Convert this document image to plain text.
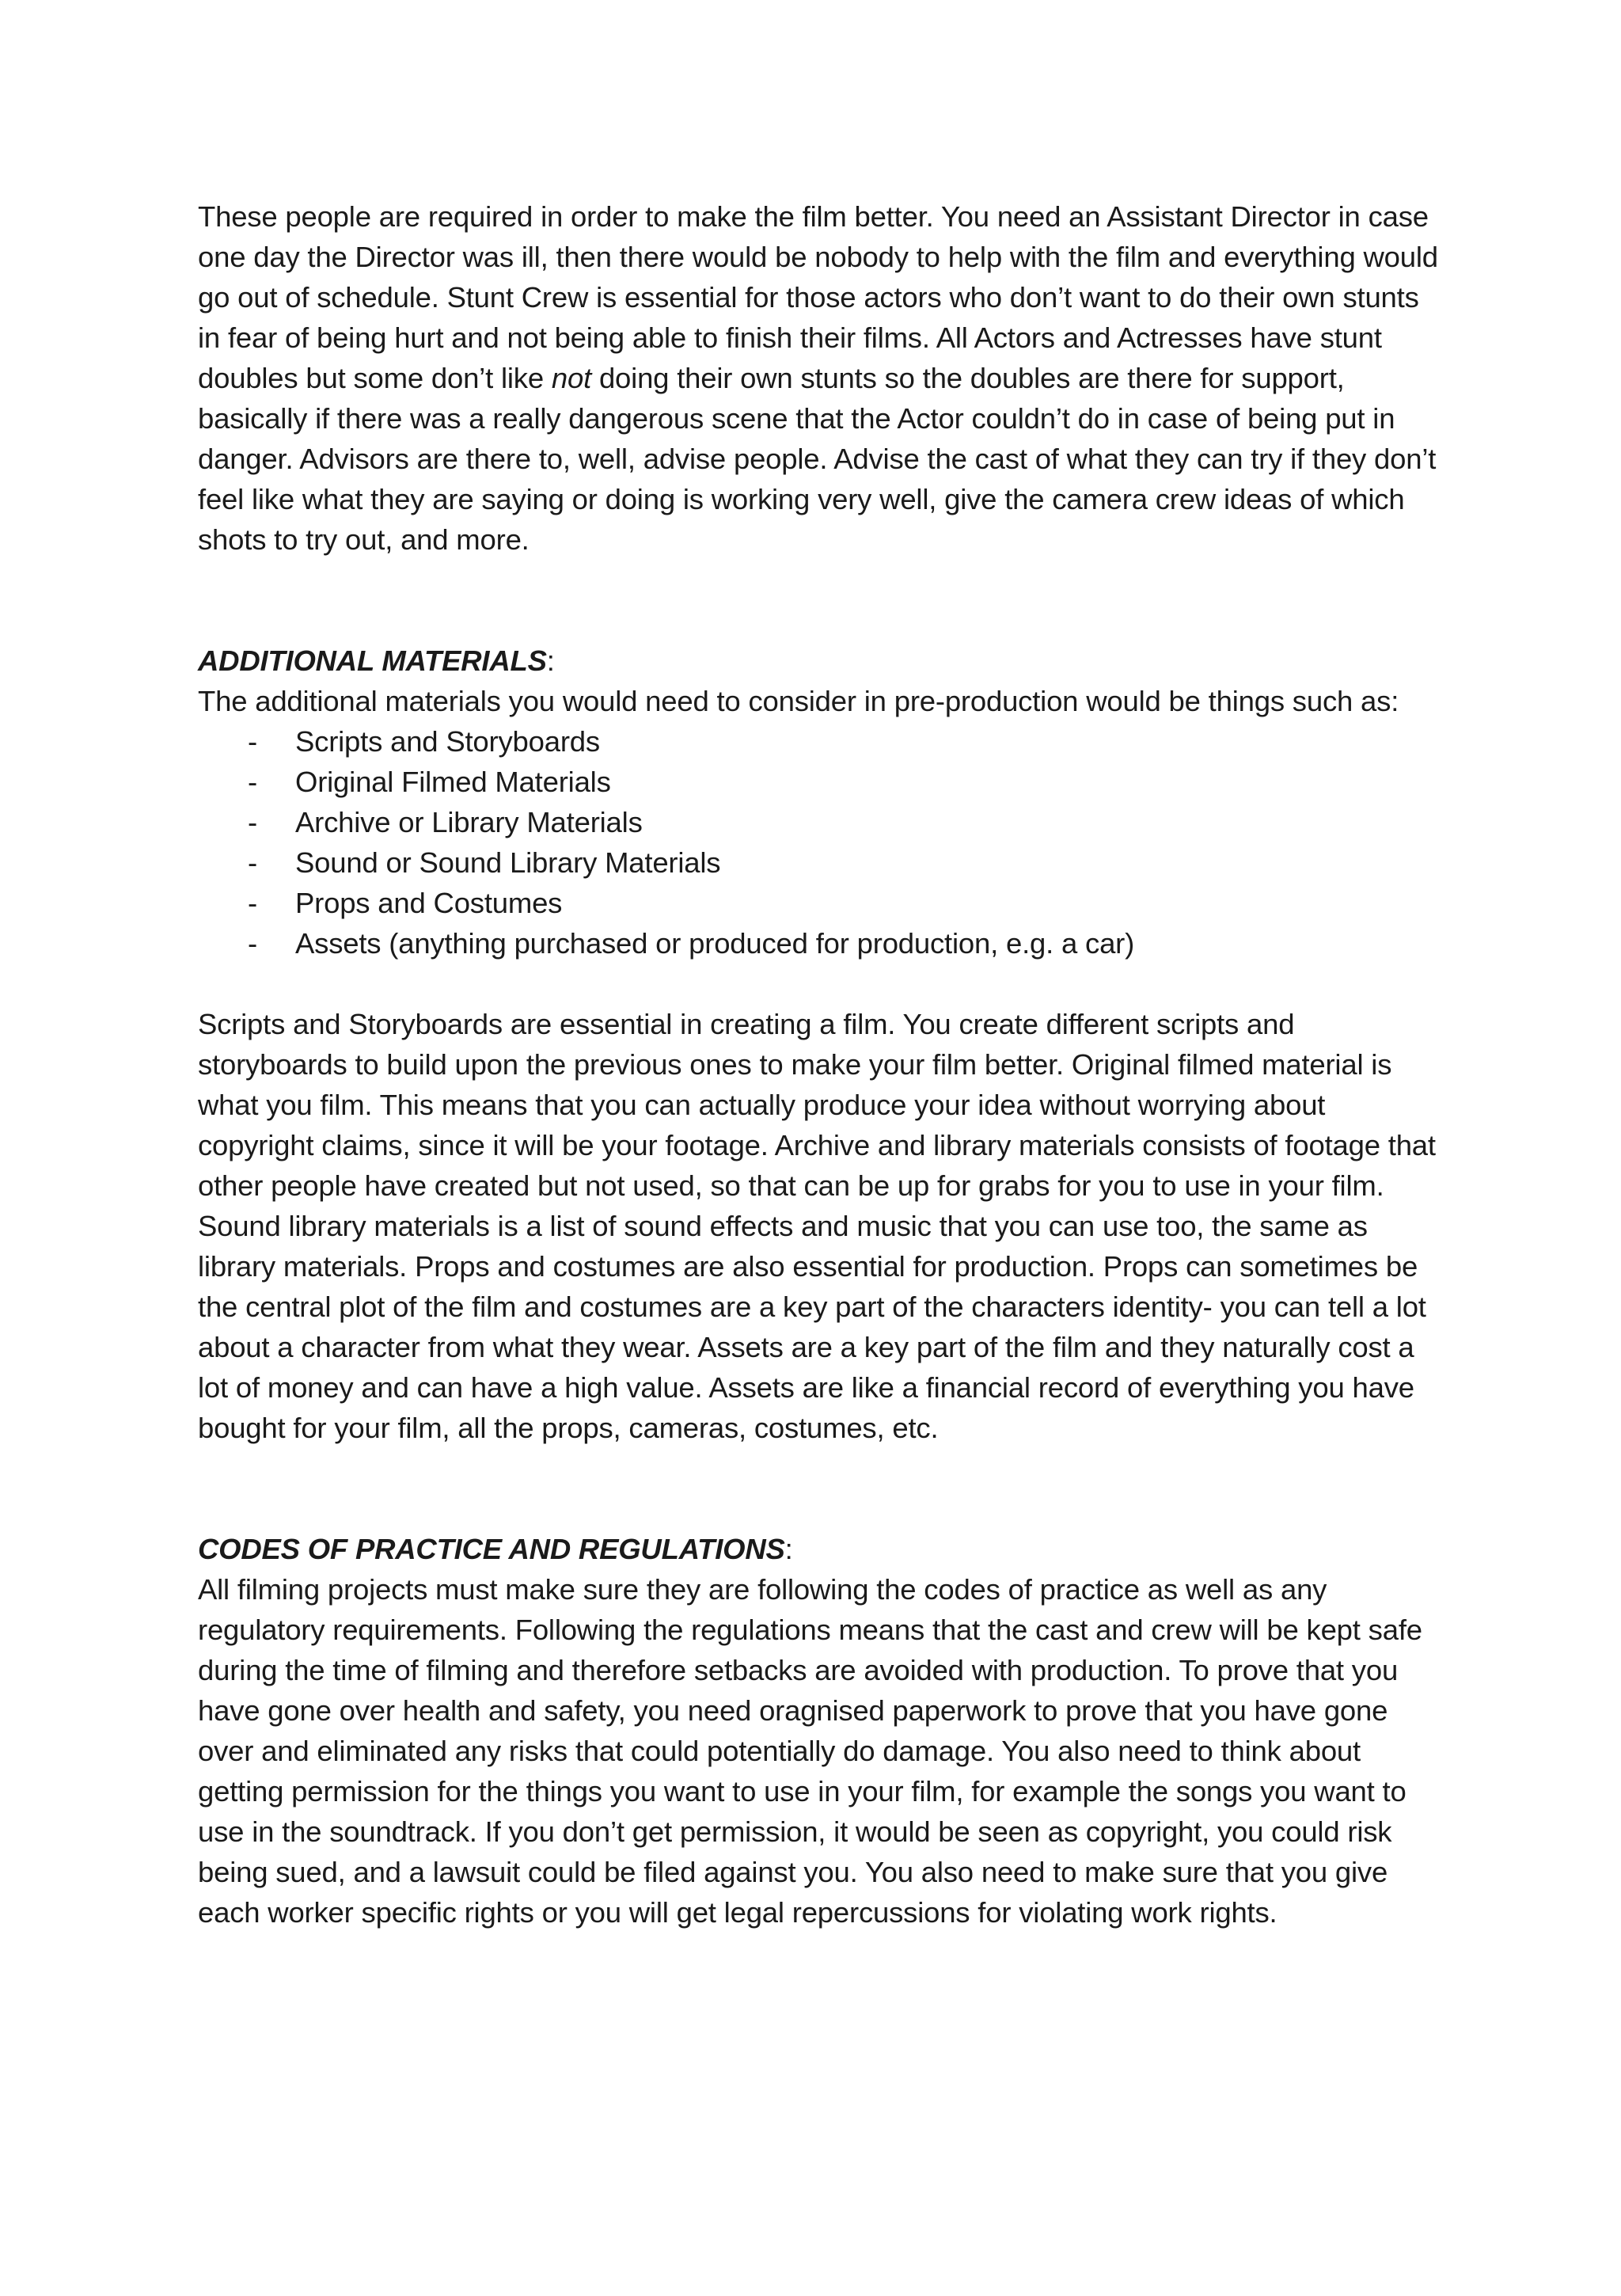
These people are required in order to make the film better. You need an Assistant Director in case one day the Director was ill, then there would be nobody to help with the film and everything would go out of schedule. Stunt Crew is essential for those actors who don’t want to do their own stunts in fear of being hurt and not being able to finish their films. All Actors and Actresses have stunt doubles but some don’t like not doing their own stunts so the doubles are there for support, basically if there was a really dangerous scene that the Actor couldn’t do in case of being put in danger. Advisors are there to, well, advise people. Advise the cast of what they can try if they don’t feel like what they are saying or doing is working very well, give the camera crew ideas of which shots to try out, and more.

ADDITIONAL MATERIALS:

The additional materials you would need to consider in pre-production would be things such as:

- Scripts and Storyboards
- Original Filmed Materials
- Archive or Library Materials
- Sound or Sound Library Materials
- Props and Costumes
- Assets (anything purchased or produced for production, e.g. a car)

Scripts and Storyboards are essential in creating a film. You create different scripts and storyboards to build upon the previous ones to make your film better. Original filmed material is what you film. This means that you can actually produce your idea without worrying about copyright claims, since it will be your footage. Archive and library materials consists of footage that other people have created but not used, so that can be up for grabs for you to use in your film. Sound library materials is a list of sound effects and music that you can use too, the same as library materials. Props and costumes are also essential for production. Props can sometimes be the central plot of the film and costumes are a key part of the characters identity- you can tell a lot about a character from what they wear. Assets are a key part of the film and they naturally cost a lot of money and can have a high value. Assets are like a financial record of everything you have bought for your film, all the props, cameras, costumes, etc.

CODES OF PRACTICE AND REGULATIONS:

All filming projects must make sure they are following the codes of practice as well as any regulatory requirements. Following the regulations means that the cast and crew will be kept safe during the time of filming and therefore setbacks are avoided with production. To prove that you have gone over health and safety, you need oragnised paperwork to prove that you have gone over and eliminated any risks that could potentially do damage. You also need to think about getting permission for the things you want to use in your film, for example the songs you want to use in the soundtrack. If you don’t get permission, it would be seen as copyright, you could risk being sued, and a lawsuit could be filed against you. You also need to make sure that you give each worker specific rights or you will get legal repercussions for violating work rights.
